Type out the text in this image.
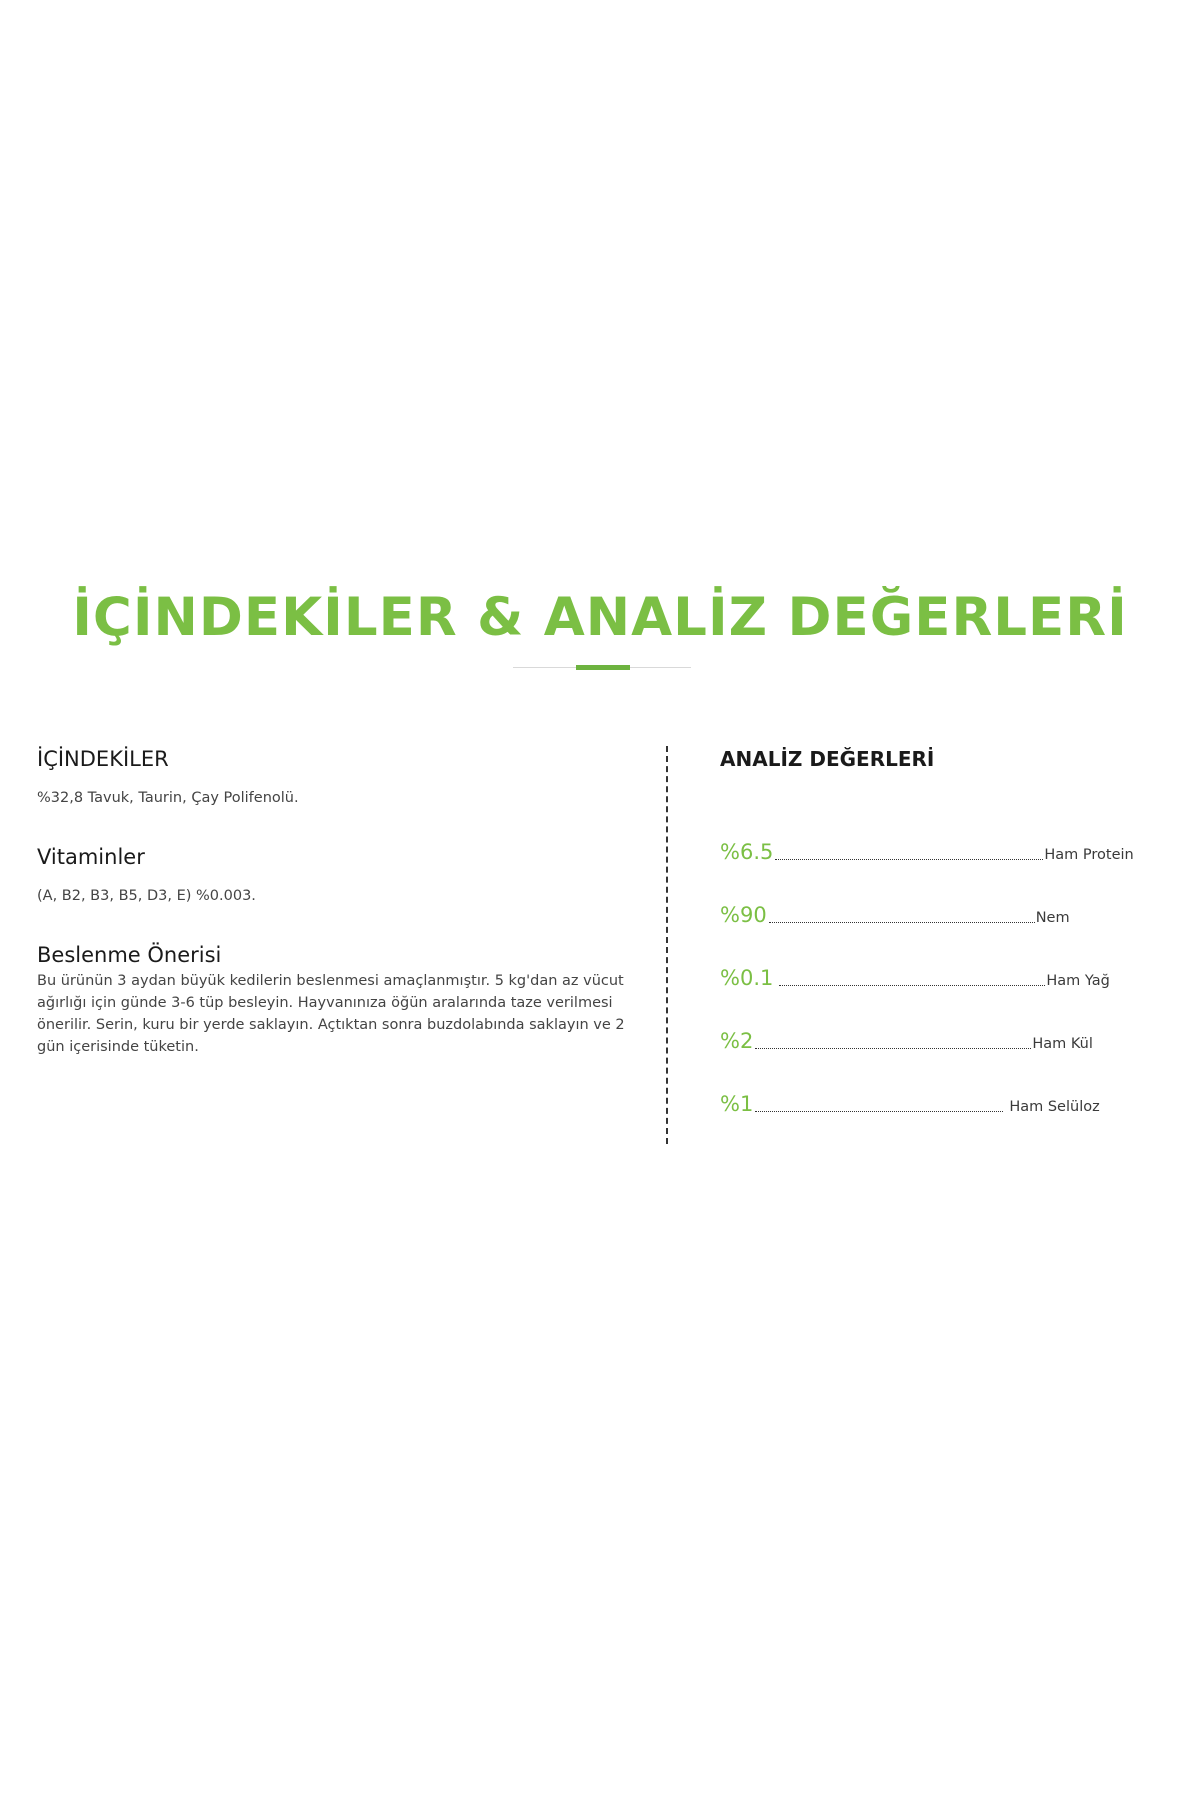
İÇİNDEKİLER & ANALİZ DEĞERLERİ
İÇİNDEKİLER

%32,8 Tavuk, Taurin, Çay Polifenolü.

Vitaminler

(A, B2, B3, B5, D3, E) %0.003.

Beslenme Önerisi

Bu ürünün 3 aydan büyük kedilerin beslenmesi amaçlanmıştır. 5 kg'dan az vücut ağırlığı için günde 3-6 tüp besleyin. Hayvanınıza öğün aralarında taze verilmesi önerilir. Serin, kuru bir yerde saklayın. Açtıktan sonra buzdolabında saklayın ve 2 gün içerisinde tüketin.

ANALİZ DEĞERLERİ
%6.5	Ham Protein
%90	Nem
%0.1	Ham Yağ
%2	Ham Kül
%1	Ham Selüloz
